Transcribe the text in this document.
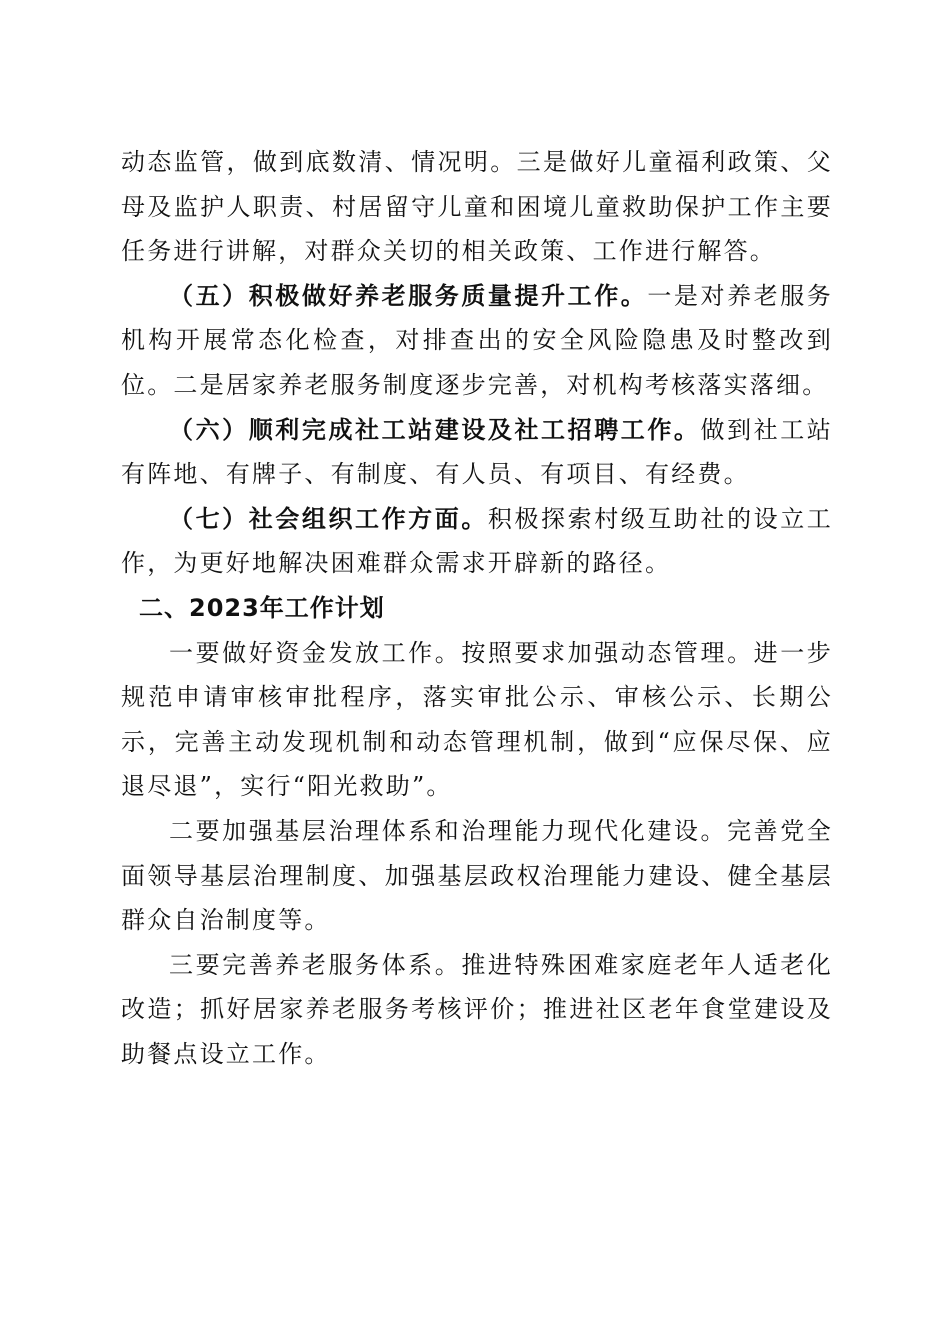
动态监管，做到底数清、情况明。三是做好儿童福利政策、父母及监护人职责、村居留守儿童和困境儿童救助保护工作主要任务进行讲解，对群众关切的相关政策、工作进行解答。

（五）积极做好养老服务质量提升工作。一是对养老服务机构开展常态化检查，对排查出的安全风险隐患及时整改到位。二是居家养老服务制度逐步完善，对机构考核落实落细。

（六）顺利完成社工站建设及社工招聘工作。做到社工站有阵地、有牌子、有制度、有人员、有项目、有经费。

（七）社会组织工作方面。积极探索村级互助社的设立工作，为更好地解决困难群众需求开辟新的路径。

二、2023年工作计划

一要做好资金发放工作。按照要求加强动态管理。进一步规范申请审核审批程序，落实审批公示、审核公示、长期公示，完善主动发现机制和动态管理机制，做到“应保尽保、应退尽退”，实行“阳光救助”。

二要加强基层治理体系和治理能力现代化建设。完善党全面领导基层治理制度、加强基层政权治理能力建设、健全基层群众自治制度等。

三要完善养老服务体系。推进特殊困难家庭老年人适老化改造；抓好居家养老服务考核评价；推进社区老年食堂建设及助餐点设立工作。
